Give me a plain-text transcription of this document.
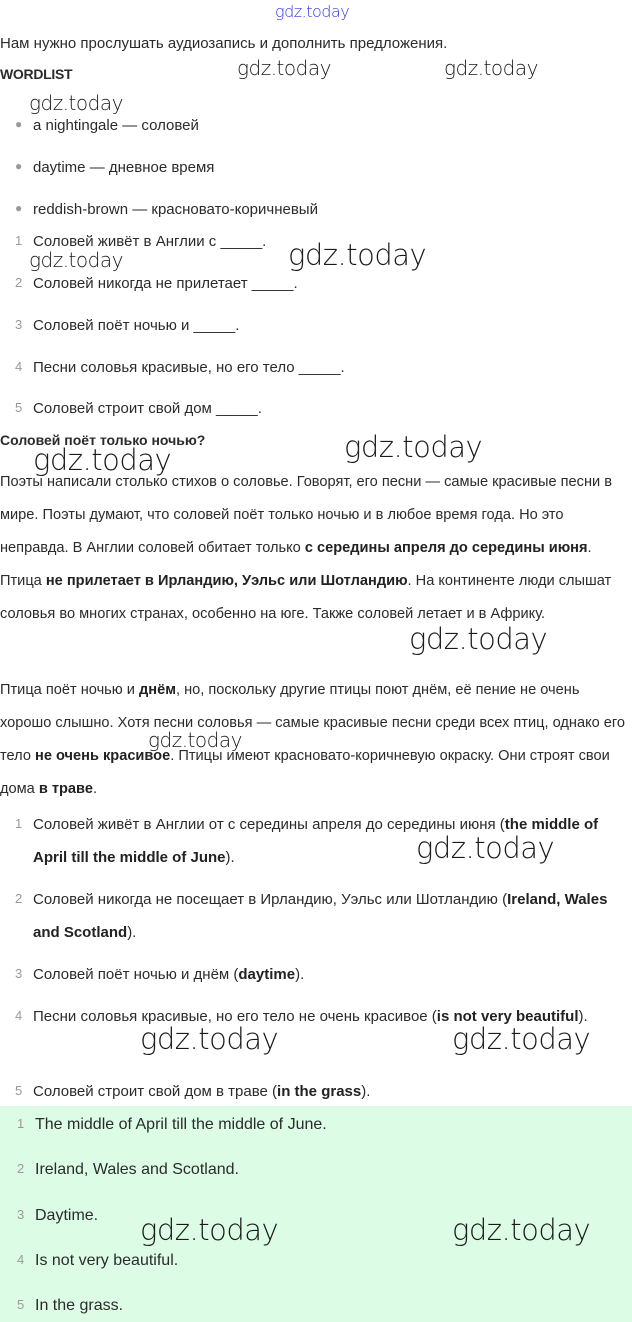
Нам нужно прослушать аудиозапись и дополнить предложения.
WORDLIST
● a nightingale — соловей
● daytime — дневное время
● reddish-brown — красновато-коричневый
1 Соловей живёт в Англии с _____.
2 Соловей никогда не прилетает _____.
3 Соловей поёт ночью и _____.
4 Песни соловья красивые, но его тело _____.
5 Соловей строит свой дом _____.
Соловей поёт только ночью?
Поэты написали столько стихов о соловье. Говорят, его песни — самые красивые песни в мире. Поэты думают, что соловей поёт только ночью и в любое время года. Но это неправда. В Англии соловей обитает только с середины апреля до середины июня. Птица не прилетает в Ирландию, Уэльс или Шотландию. На континенте люди слышат соловья во многих странах, особенно на юге. Также соловей летает и в Африку.
Птица поёт ночью и днём, но, поскольку другие птицы поют днём, её пение не очень хорошо слышно. Хотя песни соловья — самые красивые песни среди всех птиц, однако его тело не очень красивое. Птицы имеют красновато-коричневую окраску. Они строят свои дома в траве.
1 Соловей живёт в Англии от с середины апреля до середины июня (the middle of April till the middle of June).
2 Соловей никогда не посещает в Ирландию, Уэльс или Шотландию (Ireland, Wales and Scotland).
3 Соловей поёт ночью и днём (daytime).
4 Песни соловья красивые, но его тело не очень красивое (is not very beautiful).
5 Соловей строит свой дом в траве (in the grass).
1 The middle of April till the middle of June.
2 Ireland, Wales and Scotland.
3 Daytime.
4 Is not very beautiful.
5 In the grass.
gdz.today
gdz.today	gdz.today
gdz.today
gdz.today	gdz.today
gdz.today
gdz.today
gdz.today
gdz.today
gdz.today
gdz.today	gdz.today
gdz.today	gdz.today
